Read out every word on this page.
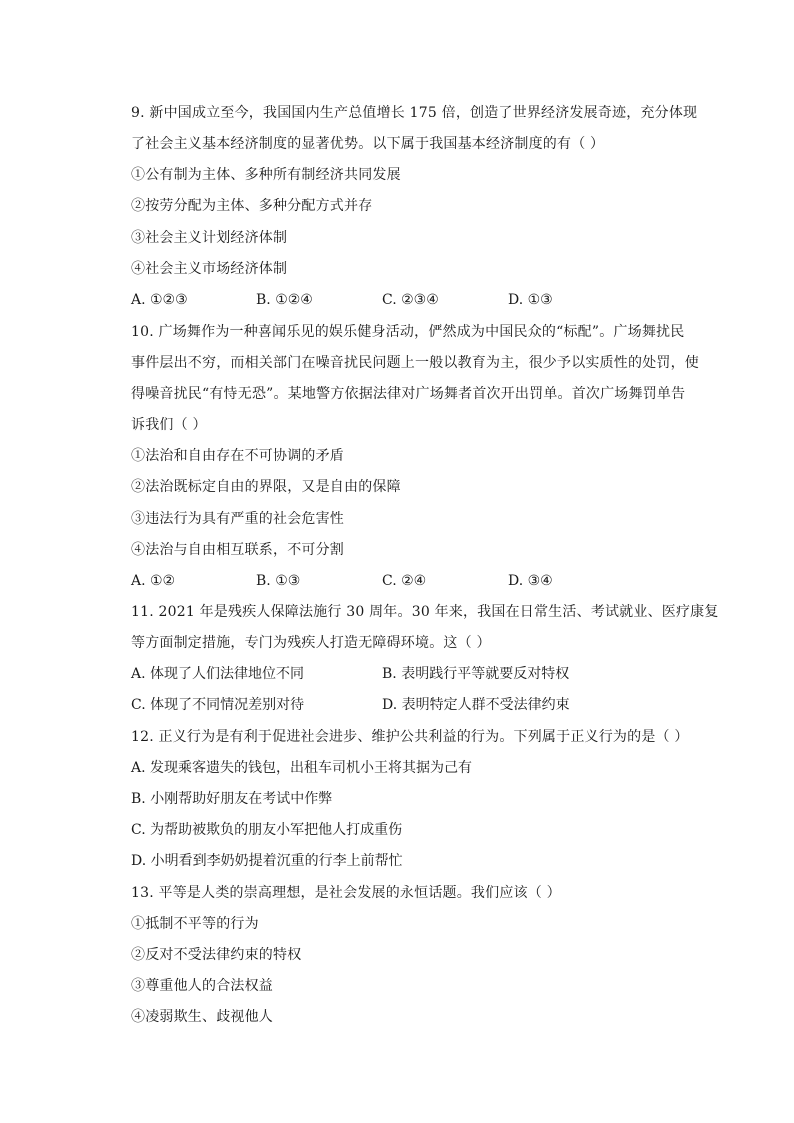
9. 新中国成立至今，我国国内生产总值增长 175 倍，创造了世界经济发展奇迹，充分体现
了社会主义基本经济制度的显著优势。以下属于我国基本经济制度的有（ ）
①公有制为主体、多种所有制经济共同发展
②按劳分配为主体、多种分配方式并存
③社会主义计划经济体制
④社会主义市场经济体制
A. ①②③	B. ①②④	C. ②③④	D. ①③
10. 广场舞作为一种喜闻乐见的娱乐健身活动，俨然成为中国民众的“标配”。广场舞扰民
事件层出不穷，而相关部门在噪音扰民问题上一般以教育为主，很少予以实质性的处罚，使
得噪音扰民“有恃无恐”。某地警方依据法律对广场舞者首次开出罚单。首次广场舞罚单告
诉我们（ ）
①法治和自由存在不可协调的矛盾
②法治既标定自由的界限，又是自由的保障
③违法行为具有严重的社会危害性
④法治与自由相互联系，不可分割
A. ①②	B. ①③	C. ②④	D. ③④
11. 2021 年是残疾人保障法施行 30 周年。30 年来，我国在日常生活、考试就业、医疗康复
等方面制定措施，专门为残疾人打造无障碍环境。这（ ）
A. 体现了人们法律地位不同	B. 表明践行平等就要反对特权
C. 体现了不同情况差别对待	D. 表明特定人群不受法律约束
12. 正义行为是有利于促进社会进步、维护公共利益的行为。下列属于正义行为的是（ ）
A. 发现乘客遗失的钱包，出租车司机小王将其据为己有
B. 小刚帮助好朋友在考试中作弊
C. 为帮助被欺负的朋友小军把他人打成重伤
D. 小明看到李奶奶提着沉重的行李上前帮忙
13. 平等是人类的崇高理想，是社会发展的永恒话题。我们应该（ ）
①抵制不平等的行为
②反对不受法律约束的特权
③尊重他人的合法权益
④凌弱欺生、歧视他人
